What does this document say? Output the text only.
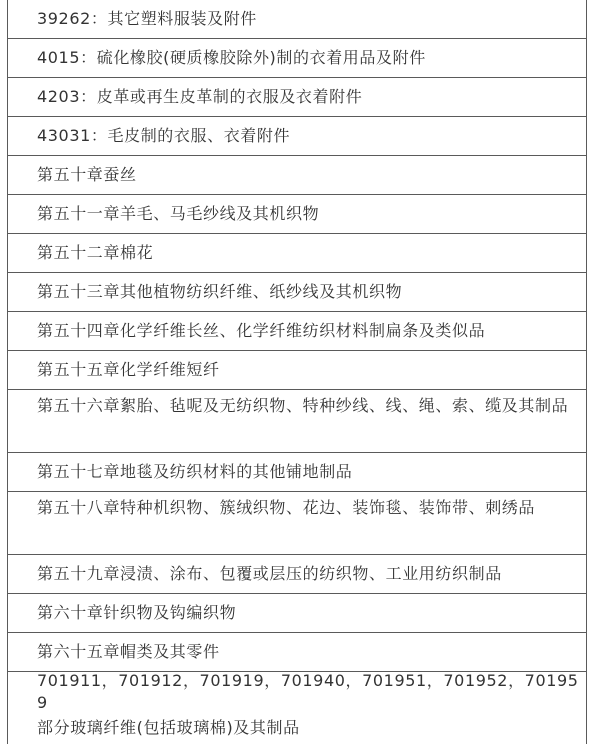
39262：其它塑料服装及附件
4015：硫化橡胶(硬质橡胶除外)制的衣着用品及附件
4203：皮革或再生皮革制的衣服及衣着附件
43031：毛皮制的衣服、衣着附件
第五十章蚕丝
第五十一章羊毛、马毛纱线及其机织物
第五十二章棉花
第五十三章其他植物纺织纤维、纸纱线及其机织物
第五十四章化学纤维长丝、化学纤维纺织材料制扁条及类似品
第五十五章化学纤维短纤
第五十六章絮胎、毡呢及无纺织物、特种纱线、线、绳、索、缆及其制品
第五十七章地毯及纺织材料的其他铺地制品
第五十八章特种机织物、簇绒织物、花边、装饰毯、装饰带、刺绣品
第五十九章浸渍、涂布、包覆或层压的纺织物、工业用纺织制品
第六十章针织物及钩编织物
第六十五章帽类及其零件
701911，701912，701919，701940，701951，701952，701959
部分玻璃纤维(包括玻璃棉)及其制品
